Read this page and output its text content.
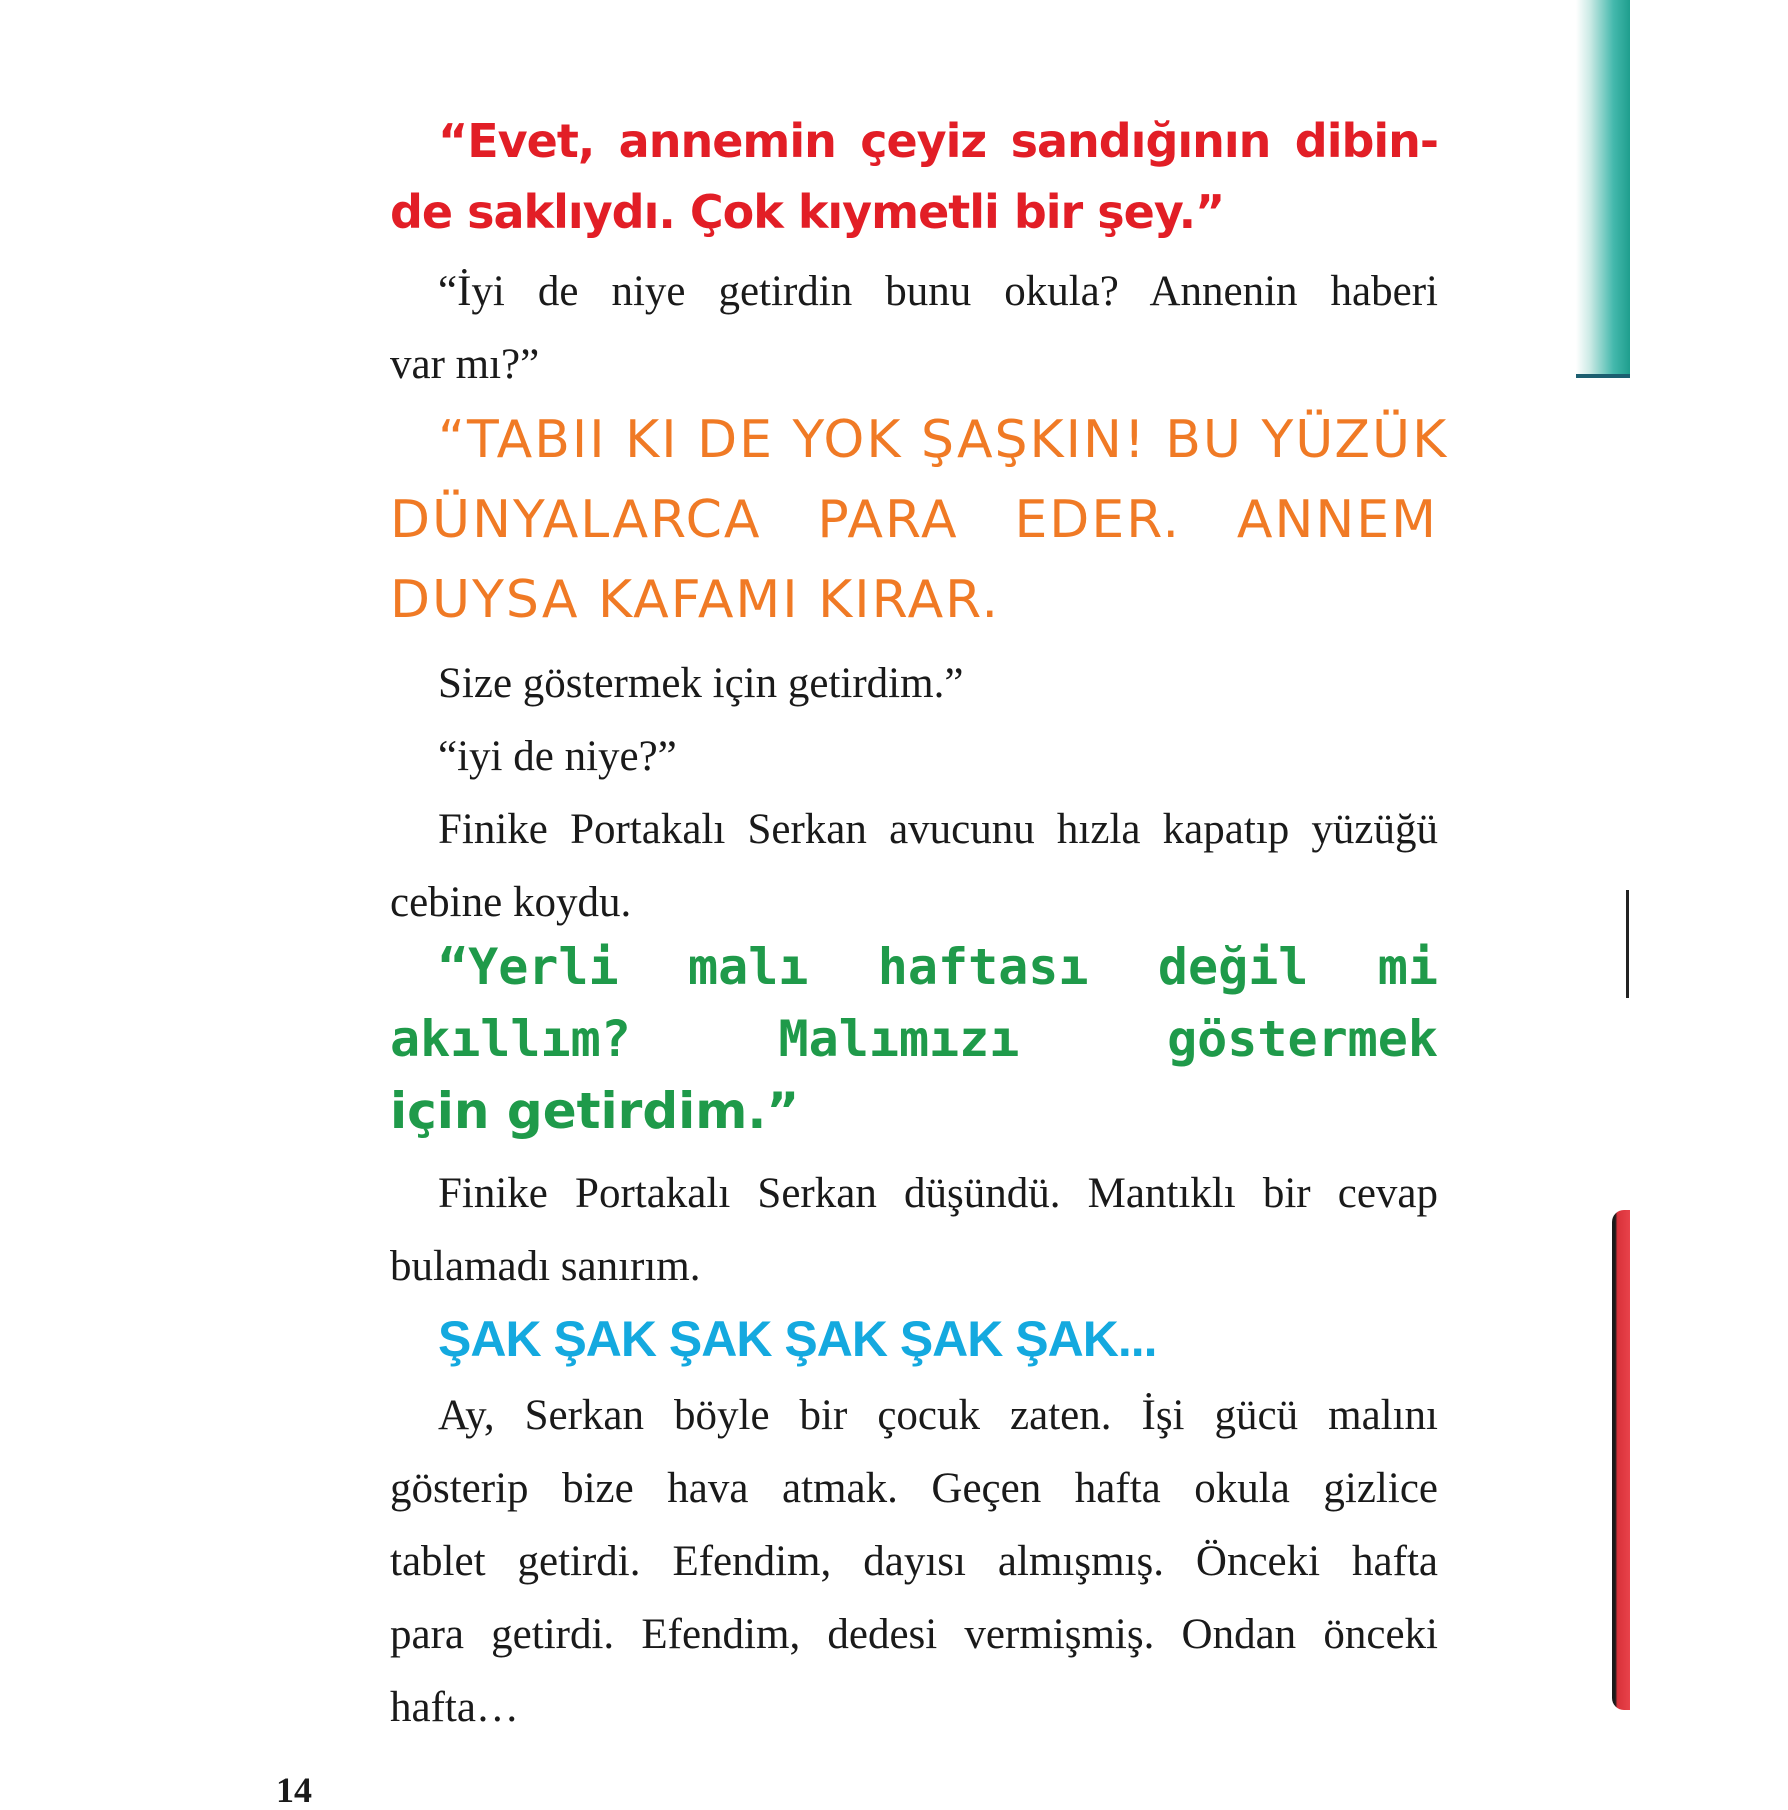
“Evet, annemin çeyiz sandığının dibin-
de saklıydı. Çok kıymetli bir şey.”
“İyi de niye getirdin bunu okula? Annenin haberi
var mı?”
“TABII KI DE YOK ŞAŞKIN! BU YÜZÜK
DÜNYALARCA PARA EDER. ANNEM
DUYSA KAFAMI KIRAR.
Size göstermek için getirdim.”
“iyi de niye?”
Finike Portakalı Serkan avucunu hızla kapatıp yüzüğü
cebine koydu.
“Yerli malı haftası değil mi
akıllım? Malımızı göstermek
için getirdim.”
Finike Portakalı Serkan düşündü. Mantıklı bir cevap
bulamadı sanırım.
ŞAK ŞAK ŞAK ŞAK ŞAK ŞAK...
Ay, Serkan böyle bir çocuk zaten. İşi gücü malını
gösterip bize hava atmak. Geçen hafta okula gizlice
tablet getirdi. Efendim, dayısı almışmış. Önceki hafta
para getirdi. Efendim, dedesi vermişmiş. Ondan önceki
hafta…
14
